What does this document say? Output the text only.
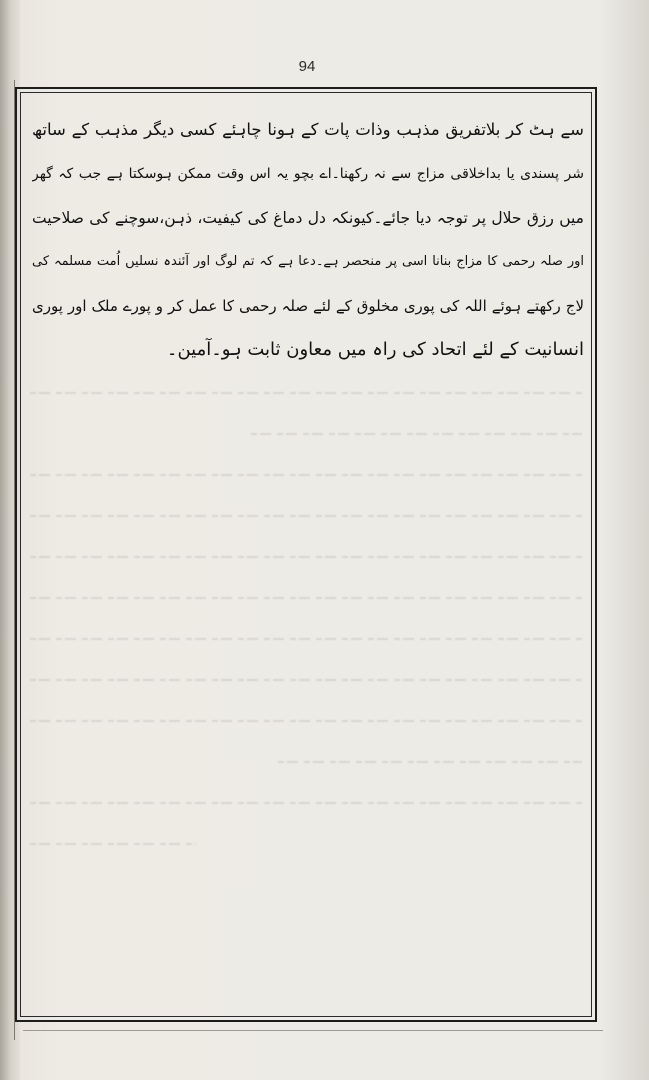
94
سے ہٹ کر بلاتفریق مذہب وذات پات کے ہونا چاہئے کسی دیگر مذہب کے ساتھ
شر پسندی یا بداخلاقی مزاج سے نہ رکھنا۔اے بچو یہ اس وقت ممکن ہوسکتا ہے جب کہ گھر
میں رزق حلال پر توجہ دیا جائے۔کیونکہ دل دماغ کی کیفیت، ذہن،سوچنے کی صلاحیت
اور صلہ رحمی کا مزاج بنانا اسی پر منحصر ہے۔دعا ہے کہ تم لوگ اور آئندہ نسلیں اُمت مسلمہ کی
لاج رکھتے ہوئے اللہ کی پوری مخلوق کے لئے صلہ رحمی کا عمل کر و پورے ملک اور پوری
انسانیت کے لئے اتحاد کی راہ میں معاون ثابت ہو۔آمین۔
